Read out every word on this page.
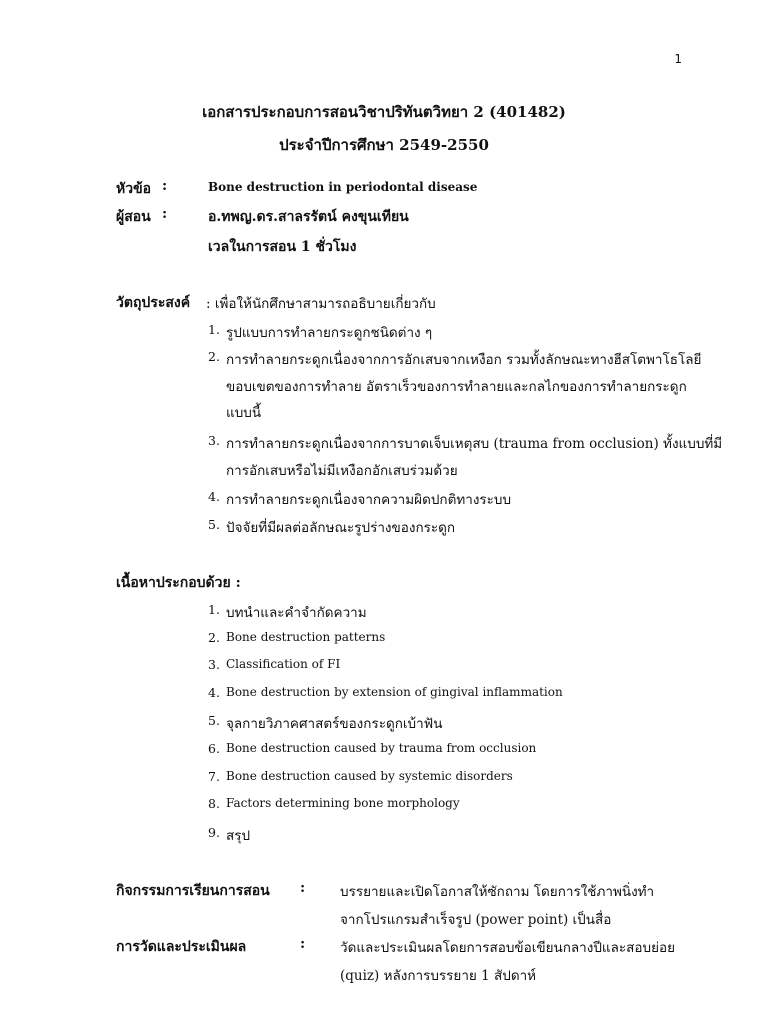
1
เอกสารประกอบการสอนวิชาปริทันตวิทยา 2 (401482)
ประจำปีการศึกษา 2549-2550
หัวข้อ :	Bone destruction in periodontal disease
ผู้สอน :	อ.ทพญ.ดร.สาลรรัตน์ คงขุนเทียน
เวลในการสอน 1 ชั่วโมง
วัตถุประสงค์ : เพื่อให้นักศึกษาสามารถอธิบายเกี่ยวกับ
1. รูปแบบการทำลายกระดูกชนิดต่าง ๆ
2. การทำลายกระดูกเนื่องจากการอักเสบจากเหงือก รวมทั้งลักษณะทางฮีสโตพาโธโลยี
ขอบเขตของการทำลาย อัตราเร็วของการทำลายและกลไกของการทำลายกระดูก
แบบนี้
3. การทำลายกระดูกเนื่องจากการบาดเจ็บเหตุสบ (trauma from occlusion) ทั้งแบบที่มี
การอักเสบหรือไม่มีเหงือกอักเสบร่วมด้วย
4. การทำลายกระดูกเนื่องจากความผิดปกติทางระบบ
5. ปัจจัยที่มีผลต่อลักษณะรูปร่างของกระดูก
เนื้อหาประกอบด้วย :
1. บทนำและคำจำกัดความ
2. Bone destruction patterns
3. Classification of FI
4. Bone destruction by extension of gingival inflammation
5. จุลกายวิภาคศาสตร์ของกระดูกเบ้าฟัน
6. Bone destruction caused by trauma from occlusion
7. Bone destruction caused by systemic disorders
8. Factors determining bone morphology
9. สรุป
กิจกรรมการเรียนการสอน :	บรรยายและเปิดโอกาสให้ซักถาม โดยการใช้ภาพนิ่งทำ
จากโปรแกรมสำเร็จรูป (power point) เป็นสื่อ
การวัดและประเมินผล	:	วัดและประเมินผลโดยการสอบข้อเขียนกลางปีและสอบย่อย
(quiz) หลังการบรรยาย 1 สัปดาห์
